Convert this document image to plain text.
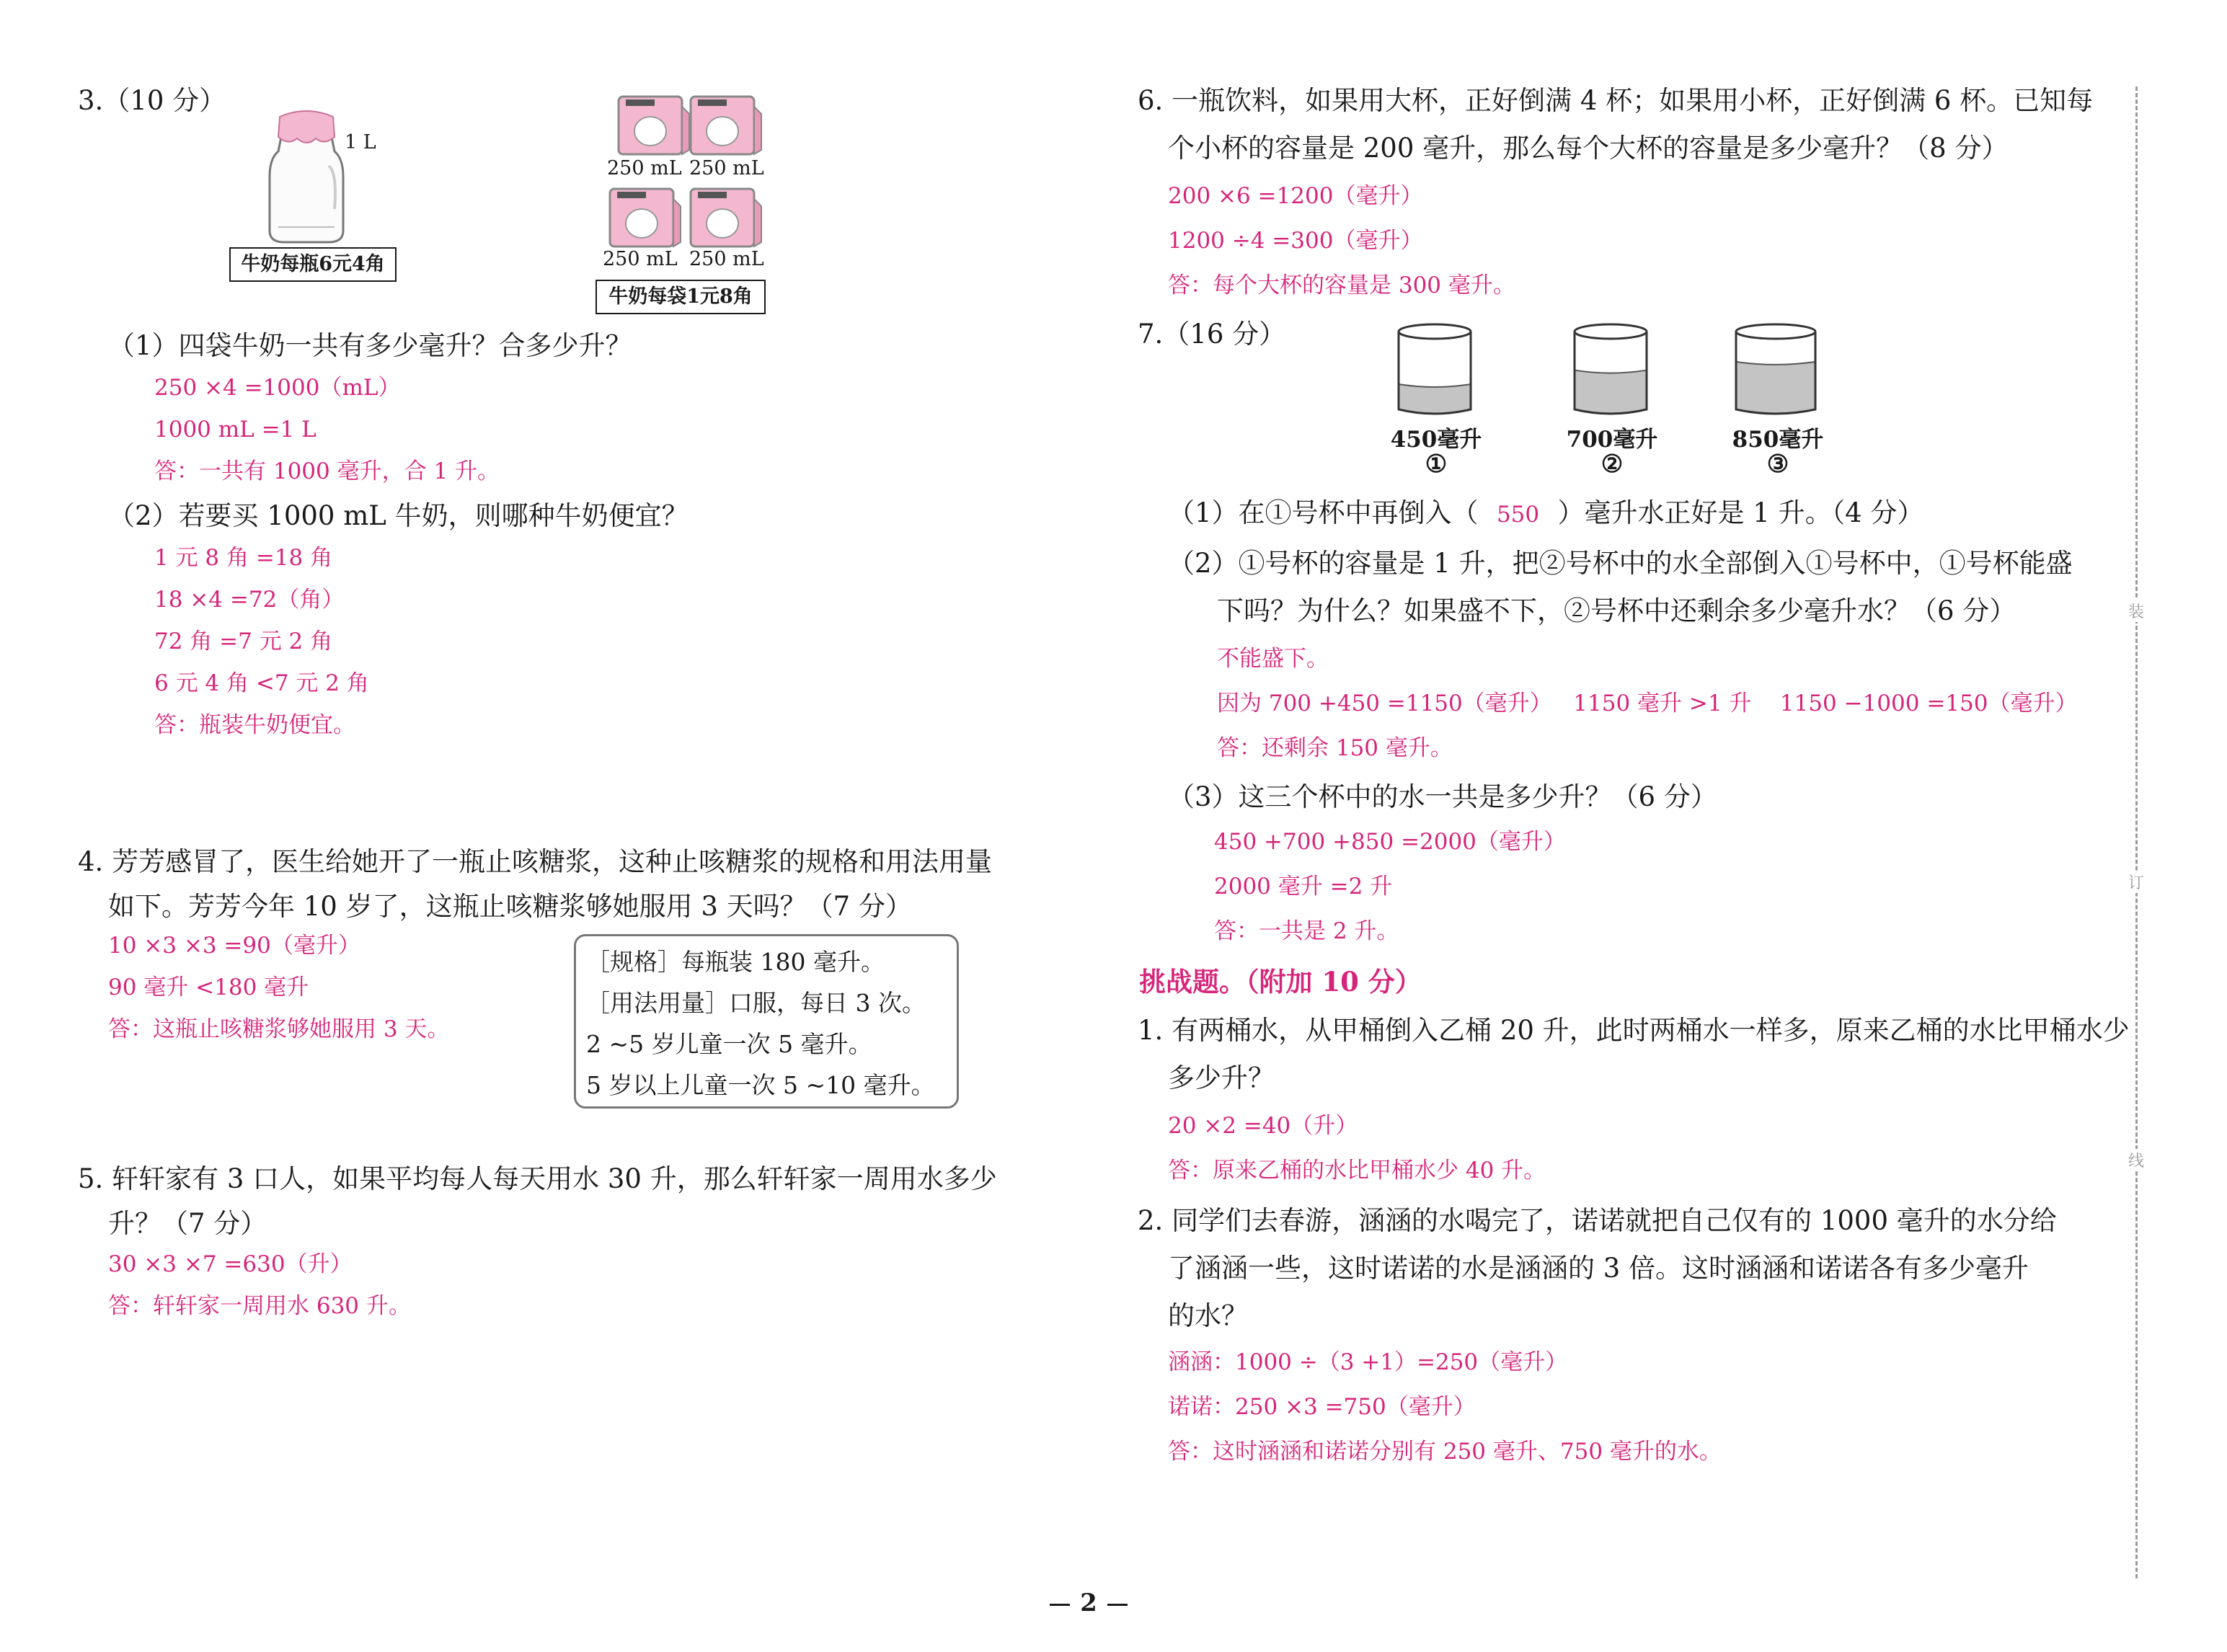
3.（10 分）
1 L
牛奶每瓶6元4角
250 mL 250 mL
250 mL 250 mL
牛奶每袋1元8角
（1）四袋牛奶一共有多少毫升？合多少升？
250 ×4 =1000（mL）
1000 mL =1 L
答：一共有 1000 毫升，合 1 升。
（2）若要买 1000 mL 牛奶，则哪种牛奶便宜？
1 元 8 角 =18 角
18 ×4 =72（角）
72 角 =7 元 2 角
6 元 4 角 <7 元 2 角
答：瓶装牛奶便宜。
4. 芳芳感冒了，医生给她开了一瓶止咳糖浆，这种止咳糖浆的规格和用法用量
如下。芳芳今年 10 岁了，这瓶止咳糖浆够她服用 3 天吗？（7 分）
10 ×3 ×3 =90（毫升）
90 毫升 <180 毫升
答：这瓶止咳糖浆够她服用 3 天。
［规格］每瓶装 180 毫升。
［用法用量］口服，每日 3 次。
2 ~5 岁儿童一次 5 毫升。
5 岁以上儿童一次 5 ~10 毫升。
5. 轩轩家有 3 口人，如果平均每人每天用水 30 升，那么轩轩家一周用水多少
升？（7 分）
30 ×3 ×7 =630（升）
答：轩轩家一周用水 630 升。
6. 一瓶饮料，如果用大杯，正好倒满 4 杯；如果用小杯，正好倒满 6 杯。已知每
个小杯的容量是 200 毫升，那么每个大杯的容量是多少毫升？（8 分）
200 ×6 =1200（毫升）
1200 ÷4 =300（毫升）
答：每个大杯的容量是 300 毫升。
7.（16 分）
450毫升	700毫升	850毫升
①	②	③
（1）在①号杯中再倒入（ 550 ）毫升水正好是 1 升。（4 分）
（2）①号杯的容量是 1 升，把②号杯中的水全部倒入①号杯中，①号杯能盛
下吗？为什么？如果盛不下，②号杯中还剩余多少毫升水？（6 分）
不能盛下。
因为 700 +450 =1150（毫升）   1150 毫升 >1 升    1150 −1000 =150（毫升）
答：还剩余 150 毫升。
（3）这三个杯中的水一共是多少升？（6 分）
450 +700 +850 =2000（毫升）
2000 毫升 =2 升
答：一共是 2 升。
挑战题。（附加 10 分）
1. 有两桶水，从甲桶倒入乙桶 20 升，此时两桶水一样多，原来乙桶的水比甲桶水少
多少升？
20 ×2 =40（升）
答：原来乙桶的水比甲桶水少 40 升。
2. 同学们去春游，涵涵的水喝完了，诺诺就把自己仅有的 1000 毫升的水分给
了涵涵一些，这时诺诺的水是涵涵的 3 倍。这时涵涵和诺诺各有多少毫升
的水？
涵涵：1000 ÷（3 +1）=250（毫升）
诺诺：250 ×3 =750（毫升）
答：这时涵涵和诺诺分别有 250 毫升、750 毫升的水。
装
订
线
2
